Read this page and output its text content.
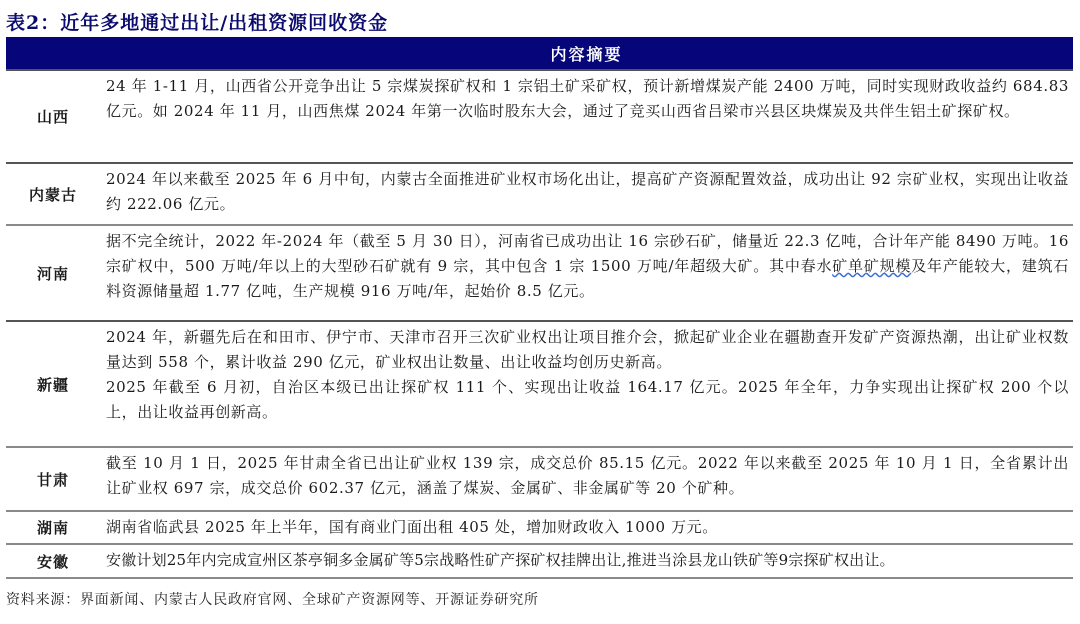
表2：近年多地通过出让/出租资源回收资金
内容摘要
山西

24 年 1-11 月，山西省公开竞争出让 5 宗煤炭探矿权和 1 宗铝土矿采矿权，预计新增煤炭产能 2400 万吨，同时实现财政收益约 684.83 亿元。如 2024 年 11 月，山西焦煤 2024 年第一次临时股东大会，通过了竞买山西省吕梁市兴县区块煤炭及共伴生铝土矿探矿权。

内蒙古

2024 年以来截至 2025 年 6 月中旬，内蒙古全面推进矿业权市场化出让，提高矿产资源配置效益，成功出让 92 宗矿业权，实现出让收益约 222.06 亿元。

河南

据不完全统计，2022 年-2024 年（截至 5 月 30 日），河南省已成功出让 16 宗砂石矿，储量近 22.3 亿吨，合计年产能 8490 万吨。16 宗矿权中，500 万吨/年以上的大型砂石矿就有 9 宗，其中包含 1 宗 1500 万吨/年超级大矿。其中春水矿单矿规模及年产能较大，建筑石料资源储量超 1.77 亿吨，生产规模 916 万吨/年，起始价 8.5 亿元。

新疆

2024 年，新疆先后在和田市、伊宁市、天津市召开三次矿业权出让项目推介会，掀起矿业企业在疆勘查开发矿产资源热潮，出让矿业权数量达到 558 个，累计收益 290 亿元，矿业权出让数量、出让收益均创历史新高。

2025 年截至 6 月初，自治区本级已出让探矿权 111 个、实现出让收益 164.17 亿元。2025 年全年，力争实现出让探矿权 200 个以上，出让收益再创新高。

甘肃

截至 10 月 1 日，2025 年甘肃全省已出让矿业权 139 宗，成交总价 85.15 亿元。2022 年以来截至 2025 年 10 月 1 日，全省累计出让矿业权 697 宗，成交总价 602.37 亿元，涵盖了煤炭、金属矿、非金属矿等 20 个矿种。

湖南	湖南省临武县 2025 年上半年，国有商业门面出租 405 处，增加财政收入 1000 万元。

安徽	安徽计划25年内完成宣州区茶亭铜多金属矿等5宗战略性矿产探矿权挂牌出让,推进当涂县龙山铁矿等9宗探矿权出让。

资料来源：界面新闻、内蒙古人民政府官网、全球矿产资源网等、开源证券研究所
